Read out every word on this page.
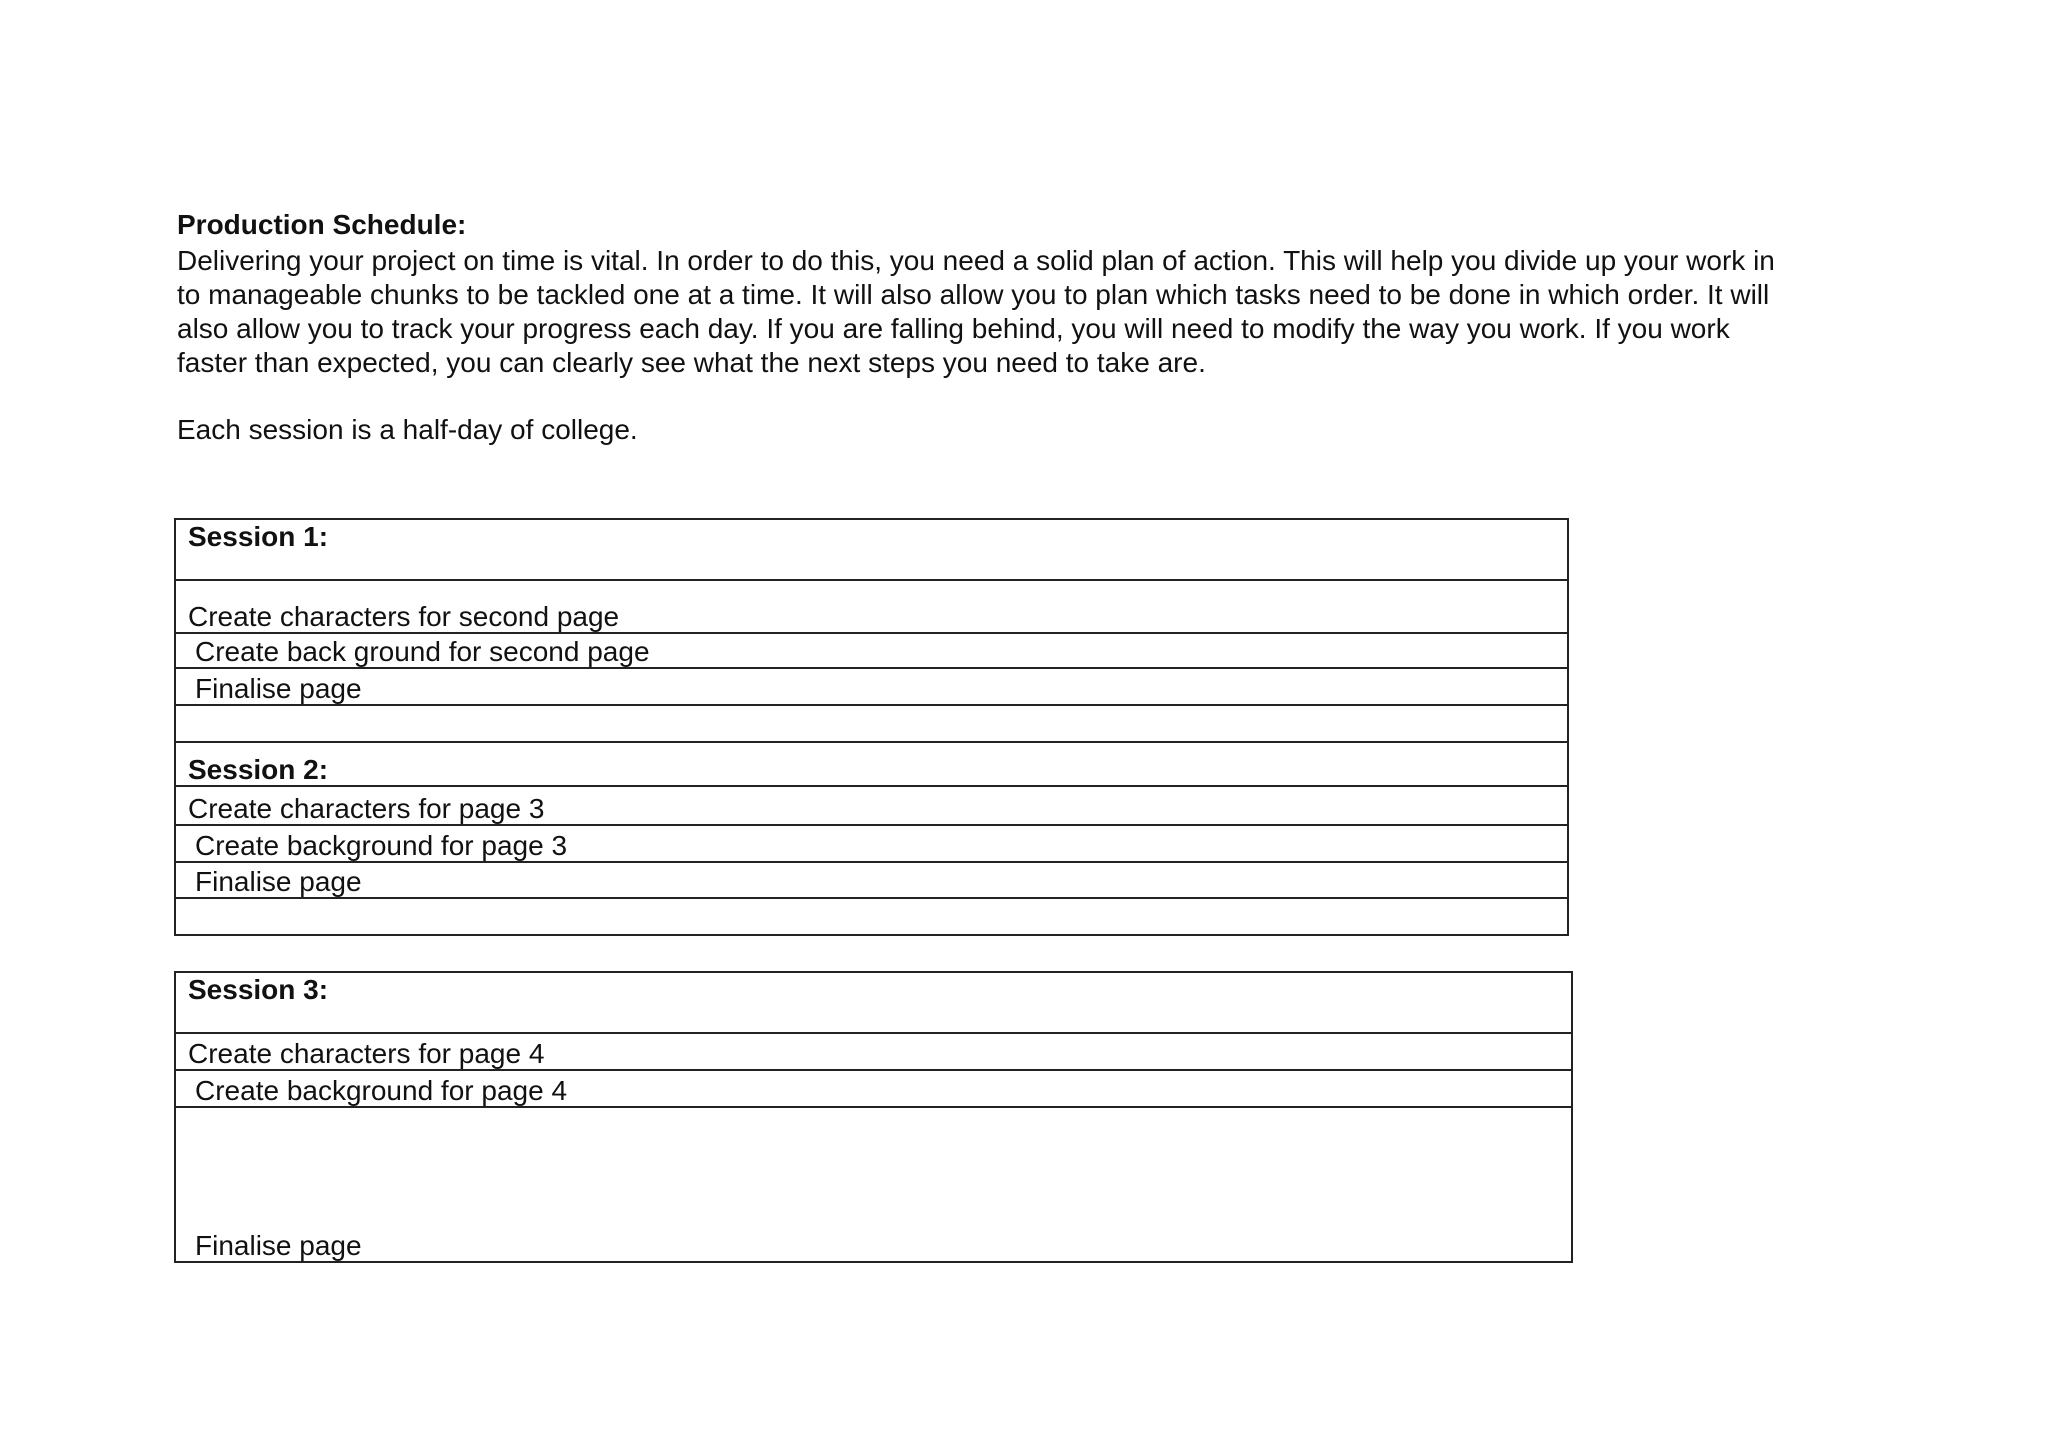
Production Schedule:

Delivering your project on time is vital. In order to do this, you need a solid plan of action. This will help you divide up your work in
to manageable chunks to be tackled one at a time. It will also allow you to plan which tasks need to be done in which order. It will
also allow you to track your progress each day. If you are falling behind, you will need to modify the way you work. If you work
faster than expected, you can clearly see what the next steps you need to take are.

Each session is a half-day of college.

Session 1:
Create characters for second page
Create back ground for second page
Finalise page

Session 2:
Create characters for page 3
Create background for page 3
Finalise page

Session 3:
Create characters for page 4
Create background for page 4
Finalise page
